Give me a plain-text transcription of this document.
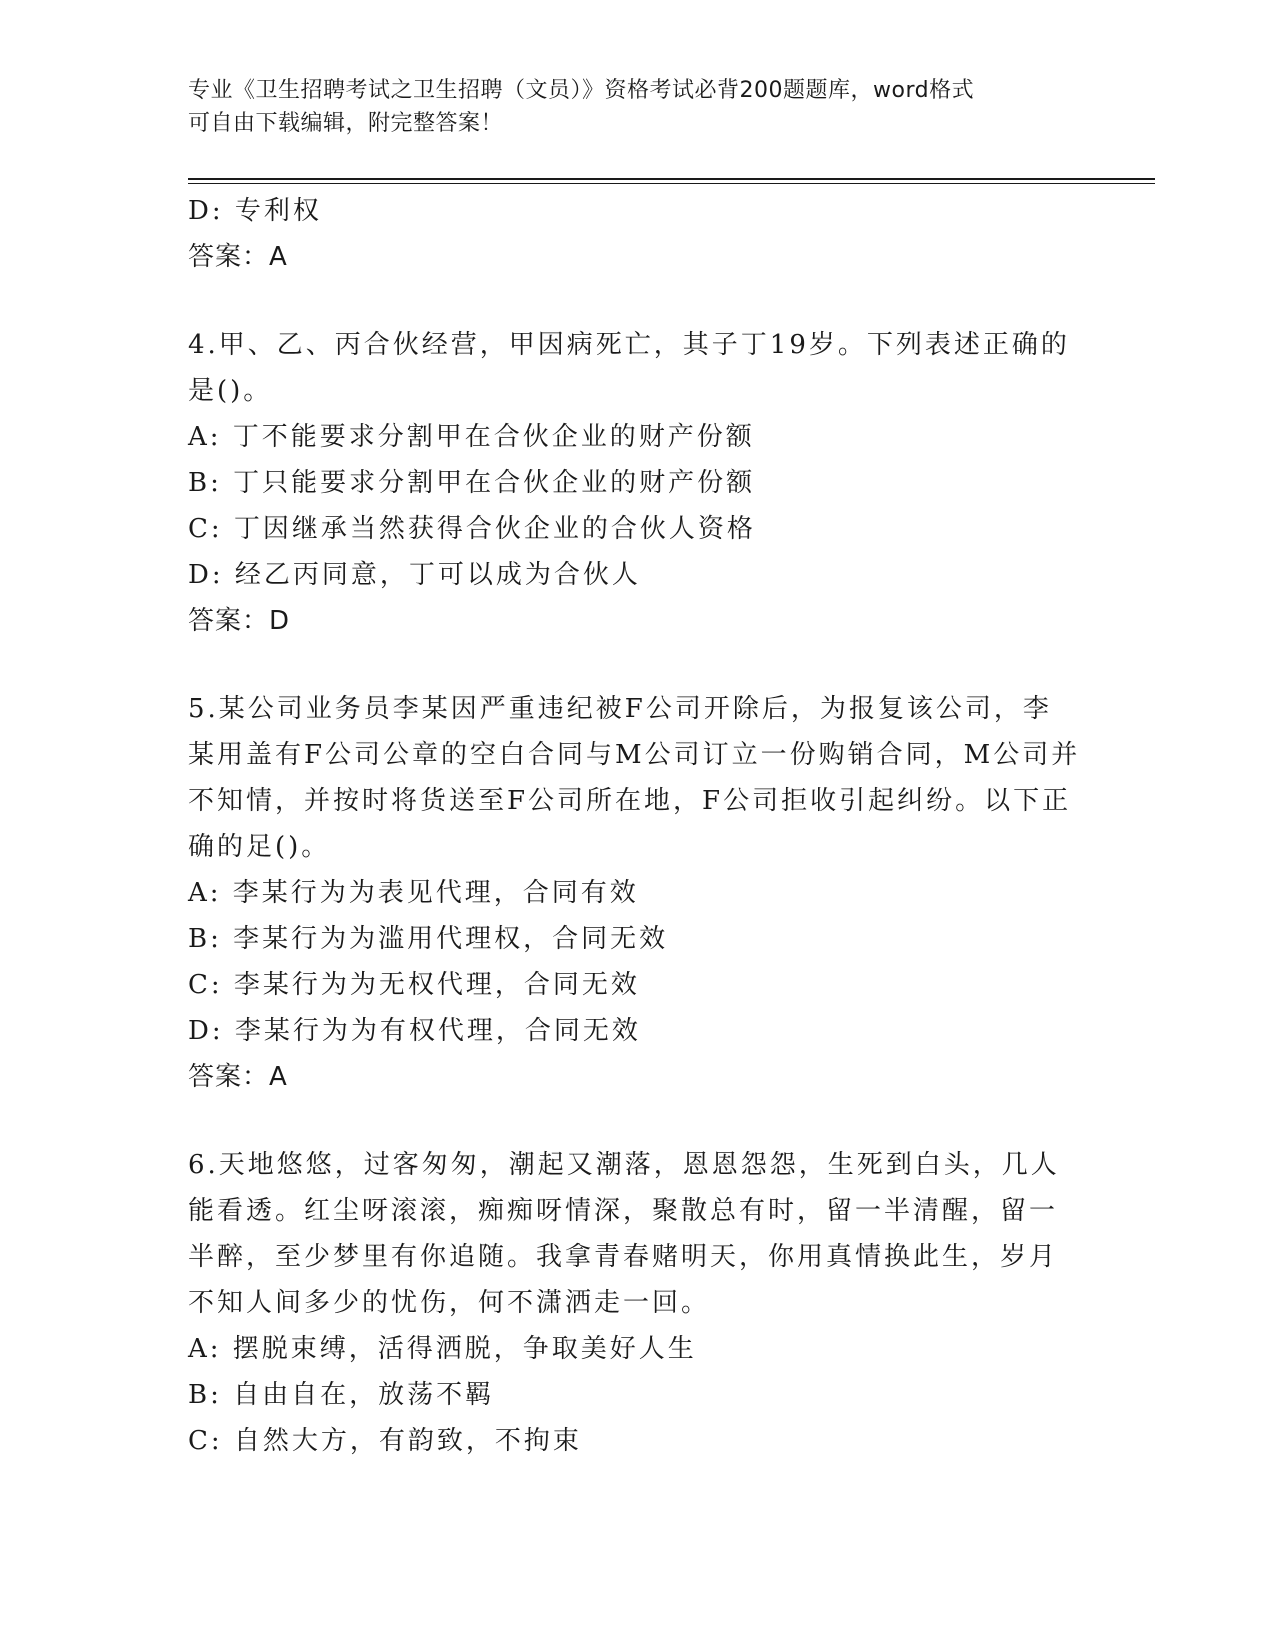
专业《卫生招聘考试之卫生招聘（文员）》资格考试必背200题题库，word格式
可自由下载编辑，附完整答案！
D: 专利权
答案：A
4.甲、乙、丙合伙经营，甲因病死亡，其子丁19岁。下列表述正确的
是()。
A: 丁不能要求分割甲在合伙企业的财产份额
B: 丁只能要求分割甲在合伙企业的财产份额
C: 丁因继承当然获得合伙企业的合伙人资格
D: 经乙丙同意，丁可以成为合伙人
答案：D
5.某公司业务员李某因严重违纪被F公司开除后，为报复该公司，李
某用盖有F公司公章的空白合同与M公司订立一份购销合同，M公司并
不知情，并按时将货送至F公司所在地，F公司拒收引起纠纷。以下正
确的足()。
A: 李某行为为表见代理，合同有效
B: 李某行为为滥用代理权，合同无效
C: 李某行为为无权代理，合同无效
D: 李某行为为有权代理，合同无效
答案：A
6.天地悠悠，过客匆匆，潮起又潮落，恩恩怨怨，生死到白头，几人
能看透。红尘呀滚滚，痴痴呀情深，聚散总有时，留一半清醒，留一
半醉，至少梦里有你追随。我拿青春赌明天，你用真情换此生，岁月
不知人间多少的忧伤，何不潇洒走一回。
A: 摆脱束缚，活得洒脱，争取美好人生
B: 自由自在，放荡不羁
C: 自然大方，有韵致，不拘束
